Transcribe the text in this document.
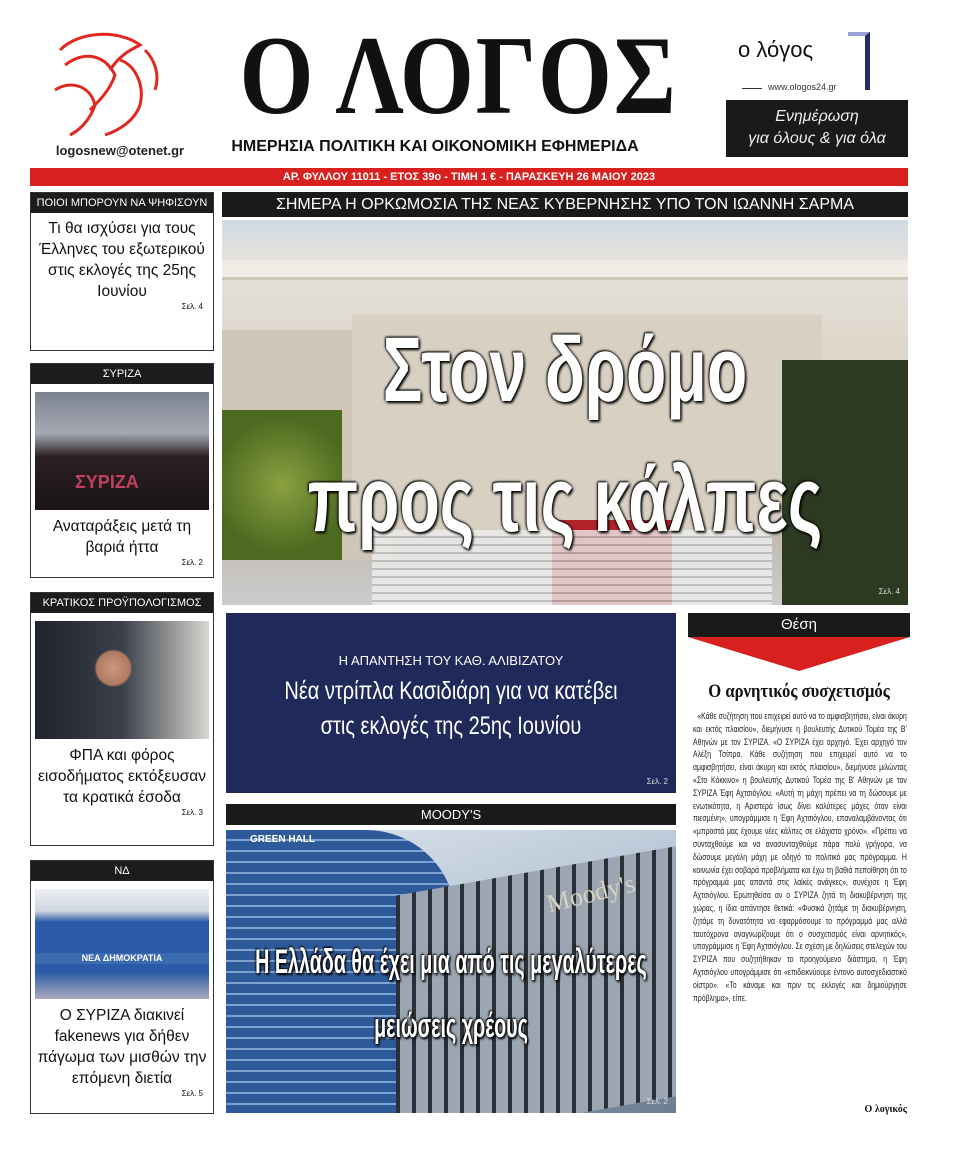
logosnew@otenet.gr	ΗΜΕΡΗΣΙΑ ΠΟΛΙΤΙΚΗ ΚΑΙ ΟΙΚΟΝΟΜΙΚΗ ΕΦΗΜΕΡΙΔΑ
Ο ΛΟΓΟΣ	ο λόγος
www.ologos24.gr
Ενημέρωση
για όλους & για όλα
ΑΡ. ΦΥΛΛΟΥ 11011 - ΕΤΟΣ 39ο - ΤΙΜΗ 1 € - ΠΑΡΑΣΚΕΥΗ 26 ΜΑΙΟΥ 2023
ΠΟΙΟΙ ΜΠΟΡΟΥΝ ΝΑ ΨΗΦΙΣΟΥΝ
Τι θα ισχύσει για τους Έλληνες του εξωτερικού στις εκλογές της 25ης Ιουνίου
Σελ. 4
ΣΥΡΙΖΑ
ΣΥΡΙΖΑ
Αναταράξεις μετά τη βαριά ήττα
Σελ. 2
ΚΡΑΤΙΚΟΣ ΠΡΟΫΠΟΛΟΓΙΣΜΟΣ
ΦΠΑ και φόρος εισοδήματος εκτόξευσαν τα κρατικά έσοδα
Σελ. 3
ΝΔ
ΝΕΑ ΔΗΜΟΚΡΑΤΙΑ
Ο ΣΥΡΙΖΑ διακινεί fakenews για δήθεν πάγωμα των μισθών την επόμενη διετία
Σελ. 5
ΣΗΜΕΡΑ Η ΟΡΚΩΜΟΣΙΑ ΤΗΣ ΝΕΑΣ ΚΥΒΕΡΝΗΣΗΣ ΥΠΟ ΤΟΝ ΙΩΑΝΝΗ ΣΑΡΜΑ
Στον δρόμο
προς τις κάλπες
Σελ. 4
Η ΑΠΑΝΤΗΣΗ ΤΟΥ ΚΑΘ. ΑΛΙΒΙΖΑΤΟΥ
Νέα ντρίπλα Κασιδιάρη για να κατέβει
στις εκλογές της 25ης Ιουνίου
Σελ. 2
MOODY'S
GREEN HALL
Moody's
Η Ελλάδα θα έχει μια από τις μεγαλύτερες
μειώσεις χρέους
Σελ. 2
Θέση
Ο αρνητικός συσχετισμός
«Κάθε συζήτηση που επιχειρεί αυτό να το αμφισβητήσει, είναι άκυρη και εκτός πλαισίου», διεμήνυσε η βουλευτής Δυτικού Τομέα της Β' Αθηνών με τον ΣΥΡΙΖΑ. «Ο ΣΥΡΙΖΑ έχει αρχηγό. Έχει αρχηγό τον Αλέξη Τσίπρα. Κάθε συζήτηση που επιχειρεί αυτό να το αμφισβητήσει, είναι άκυρη και εκτός πλαισίου», διεμήνυσε μιλώντας «Στο Κόκκινο» η βουλευτής Δυτικού Τομέα της Β' Αθηνών με τον ΣΥΡΙΖΑ Έφη Αχτσιόγλου. «Αυτή τη μάχη πρέπει να τη δώσουμε με ενωτικότητα, η Αριστερά ίσως δίνει καλύτερες μάχες όταν είναι πιεσμένη», υπογράμμισε η Έφη Αχτσιόγλου, επαναλαμβάνοντας ότι «μπροστά μας έχουμε νέες κάλπες σε ελάχιστο χρόνο». «Πρέπει να συνταχθούμε και να ανασυνταχθούμε πάρα πολύ γρήγορα, να δώσουμε μεγάλη μάχη με οδηγό το πολιτικό μας πρόγραμμα. Η κοινωνία έχει σοβαρά προβλήματα και έχω τη βαθιά πεποίθηση ότι το πρόγραμμά μας απαντά στις λαϊκές ανάγκες», συνέχισε η Έφη Αχτσιόγλου. Ερωτηθείσα αν ο ΣΥΡΙΖΑ ζητά τη διακυβέρνηση της χώρας, η ίδια απάντησε θετικά: «Φυσικά ζητάμε τη διακυβέρνηση, ζητάμε τη δυνατότητα να εφαρμόσουμε το πρόγραμμά μας αλλά ταυτόχρονα αναγνωρίζουμε ότι ο συσχετισμός είναι αρνητικός», υπογράμμισε η Έφη Αχτσιόγλου. Σε σχέση με δηλώσεις στελεχών του ΣΥΡΙΖΑ που συζητήθηκαν το προηγούμενο διάστημα, η Έφη Αχτσιόγλου υπογράμμισε ότι «επιδεικνύουμε έντονο αυτοσχεδιαστικό οίστρο». «Το κάναμε και πριν τις εκλογές και δημιούργησε πρόβλημα», είπε.
Ο λογικός
